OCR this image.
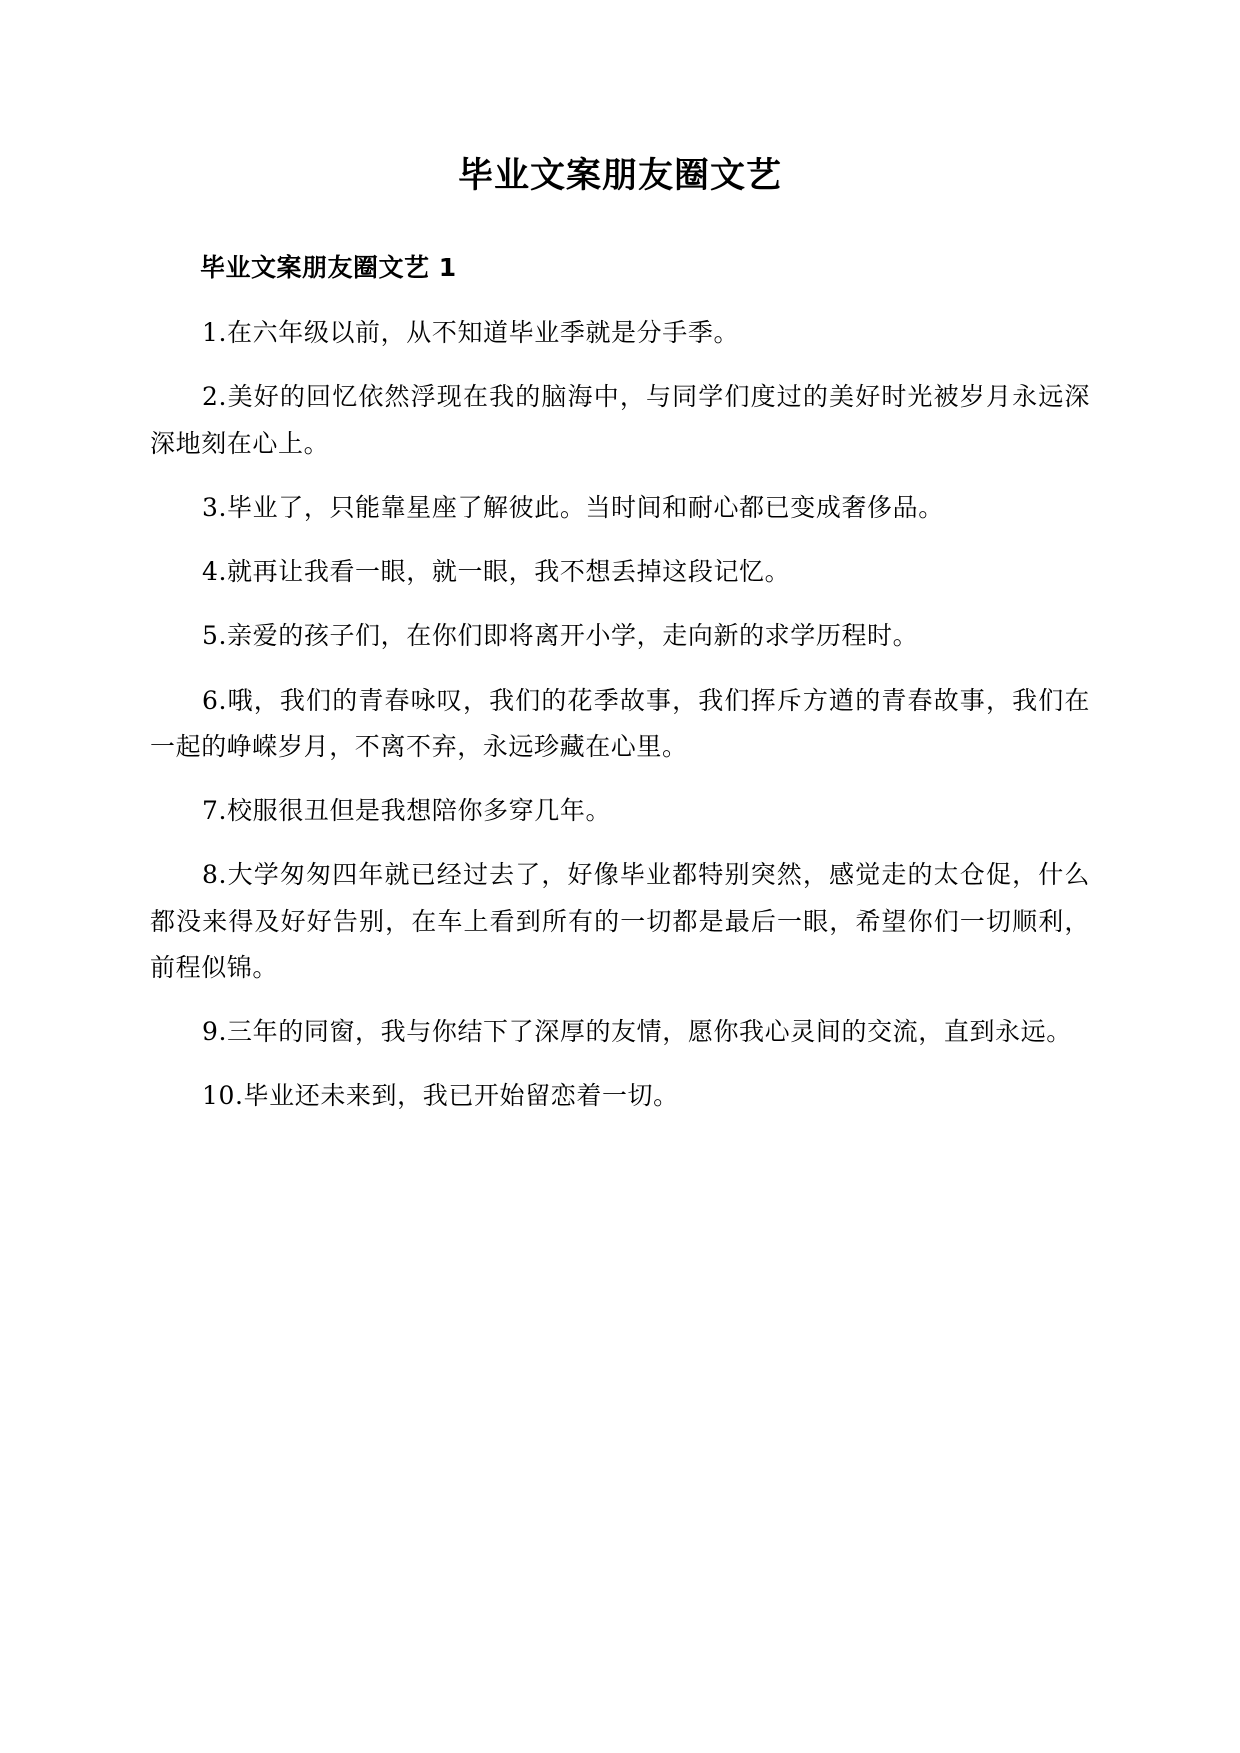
毕业文案朋友圈文艺
毕业文案朋友圈文艺 1

1.在六年级以前，从不知道毕业季就是分手季。

2.美好的回忆依然浮现在我的脑海中，与同学们度过的美好时光被岁月永远深深地刻在心上。

3.毕业了，只能靠星座了解彼此。当时间和耐心都已变成奢侈品。

4.就再让我看一眼，就一眼，我不想丢掉这段记忆。

5.亲爱的孩子们，在你们即将离开小学，走向新的求学历程时。

6.哦，我们的青春咏叹，我们的花季故事，我们挥斥方遒的青春故事，我们在一起的峥嵘岁月，不离不弃，永远珍藏在心里。

7.校服很丑但是我想陪你多穿几年。

8.大学匆匆四年就已经过去了，好像毕业都特别突然，感觉走的太仓促，什么都没来得及好好告别，在车上看到所有的一切都是最后一眼，希望你们一切顺利，前程似锦。

9.三年的同窗，我与你结下了深厚的友情，愿你我心灵间的交流，直到永远。

10.毕业还未来到，我已开始留恋着一切。
